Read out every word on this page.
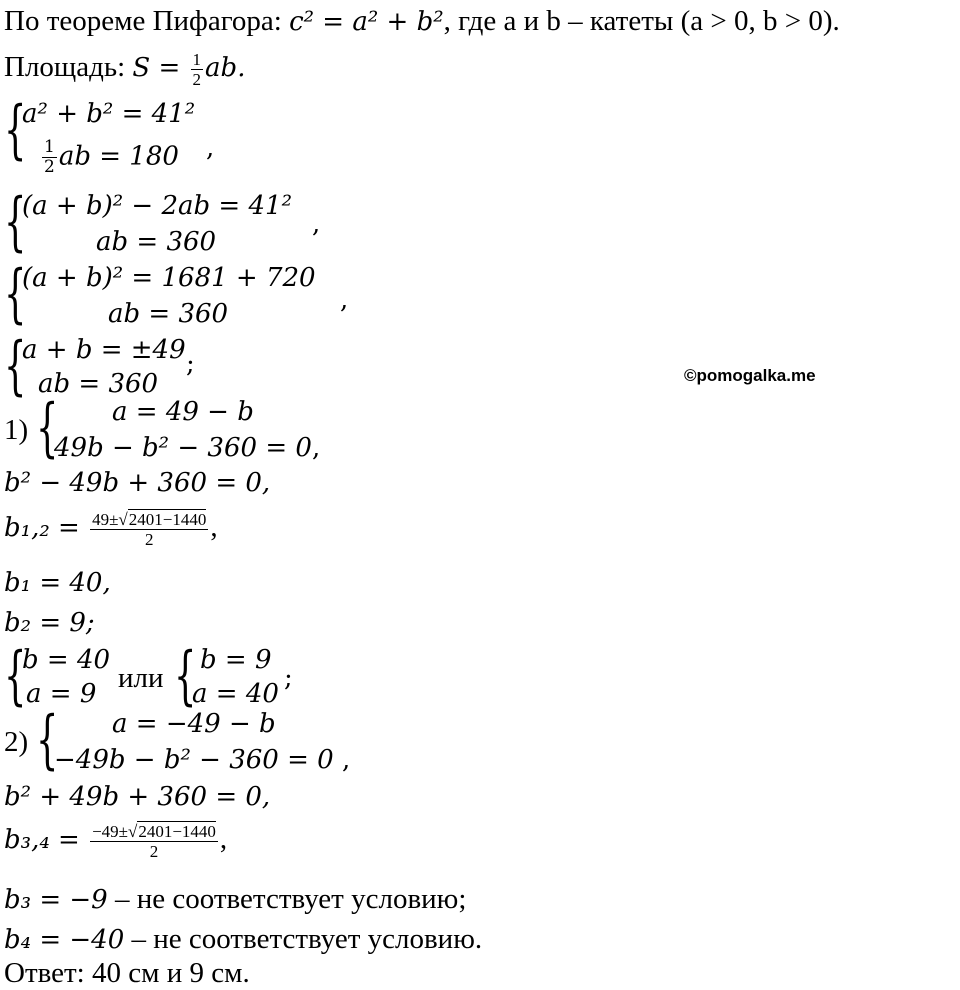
По теореме Пифагора: c² = a² + b², где a и b – катеты (a > 0, b > 0).
Площадь: $S = \frac{1}{2}$ ab.
{
a² + b² = 41²
$\frac{1}{2}$ ab = 180 ,
{
(a + b)² − 2ab = 41²
ab = 360
,
{
(a + b)² = 1681 + 720
ab = 360	,
{
a + b = ±49
ab = 360
;	©pomogalka.me
1) { a = 49 − b
49b − b² − 360 = 0 ,
b² − 49b + 360 = 0,
$b_1,_2 = \frac{49\pm√2401-1440}{2}$ ,
b₁ = 40,
b₂ = 9;
{
b = 40
a = 9 или { b = 9
a = 40
;
2) { a = −49 − b
−49b − b² − 360 = 0 ,
b² + 49b + 360 = 0,
$b_3,_4 = \frac{-49\pm√2401-1440}{2}$ ,
b₃ = −9 – не соответствует условию;
b₄ = −40 – не соответствует условию.
Ответ: 40 см и 9 см.
